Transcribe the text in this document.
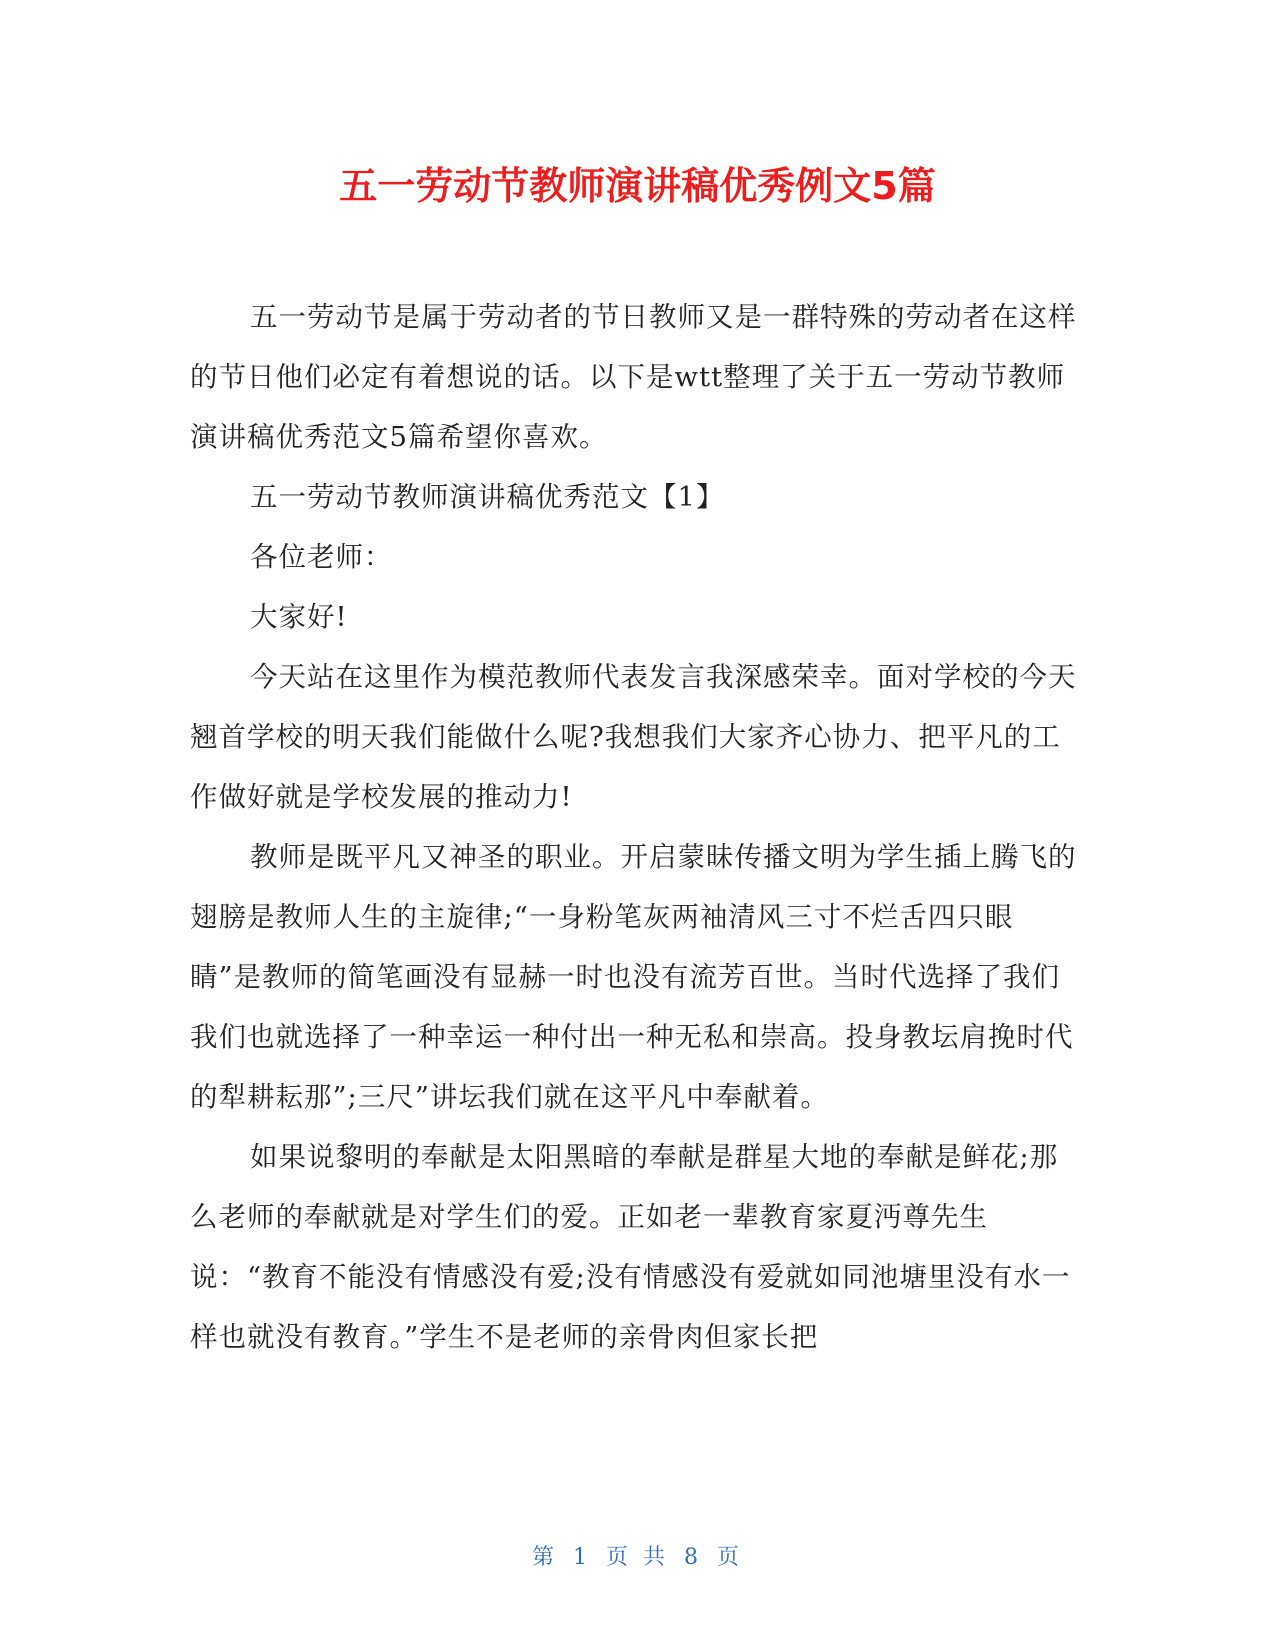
五一劳动节教师演讲稿优秀例文5篇

五一劳动节是属于劳动者的节日教师又是一群特殊的劳动者在这样的节日他们必定有着想说的话。以下是wtt整理了关于五一劳动节教师演讲稿优秀范文5篇希望你喜欢。

五一劳动节教师演讲稿优秀范文【1】

各位老师：

大家好!

今天站在这里作为模范教师代表发言我深感荣幸。面对学校的今天翘首学校的明天我们能做什么呢?我想我们大家齐心协力、把平凡的工作做好就是学校发展的推动力!

教师是既平凡又神圣的职业。开启蒙昧传播文明为学生插上腾飞的翅膀是教师人生的主旋律;“一身粉笔灰两袖清风三寸不烂舌四只眼睛”是教师的简笔画没有显赫一时也没有流芳百世。当时代选择了我们我们也就选择了一种幸运一种付出一种无私和崇高。投身教坛肩挽时代的犁耕耘那”;三尺”讲坛我们就在这平凡中奉献着。

如果说黎明的奉献是太阳黑暗的奉献是群星大地的奉献是鲜花;那么老师的奉献就是对学生们的爱。正如老一辈教育家夏沔尊先生说：“教育不能没有情感没有爱;没有情感没有爱就如同池塘里没有水一样也就没有教育。”学生不是老师的亲骨肉但家长把

第 1 页 共 8 页
